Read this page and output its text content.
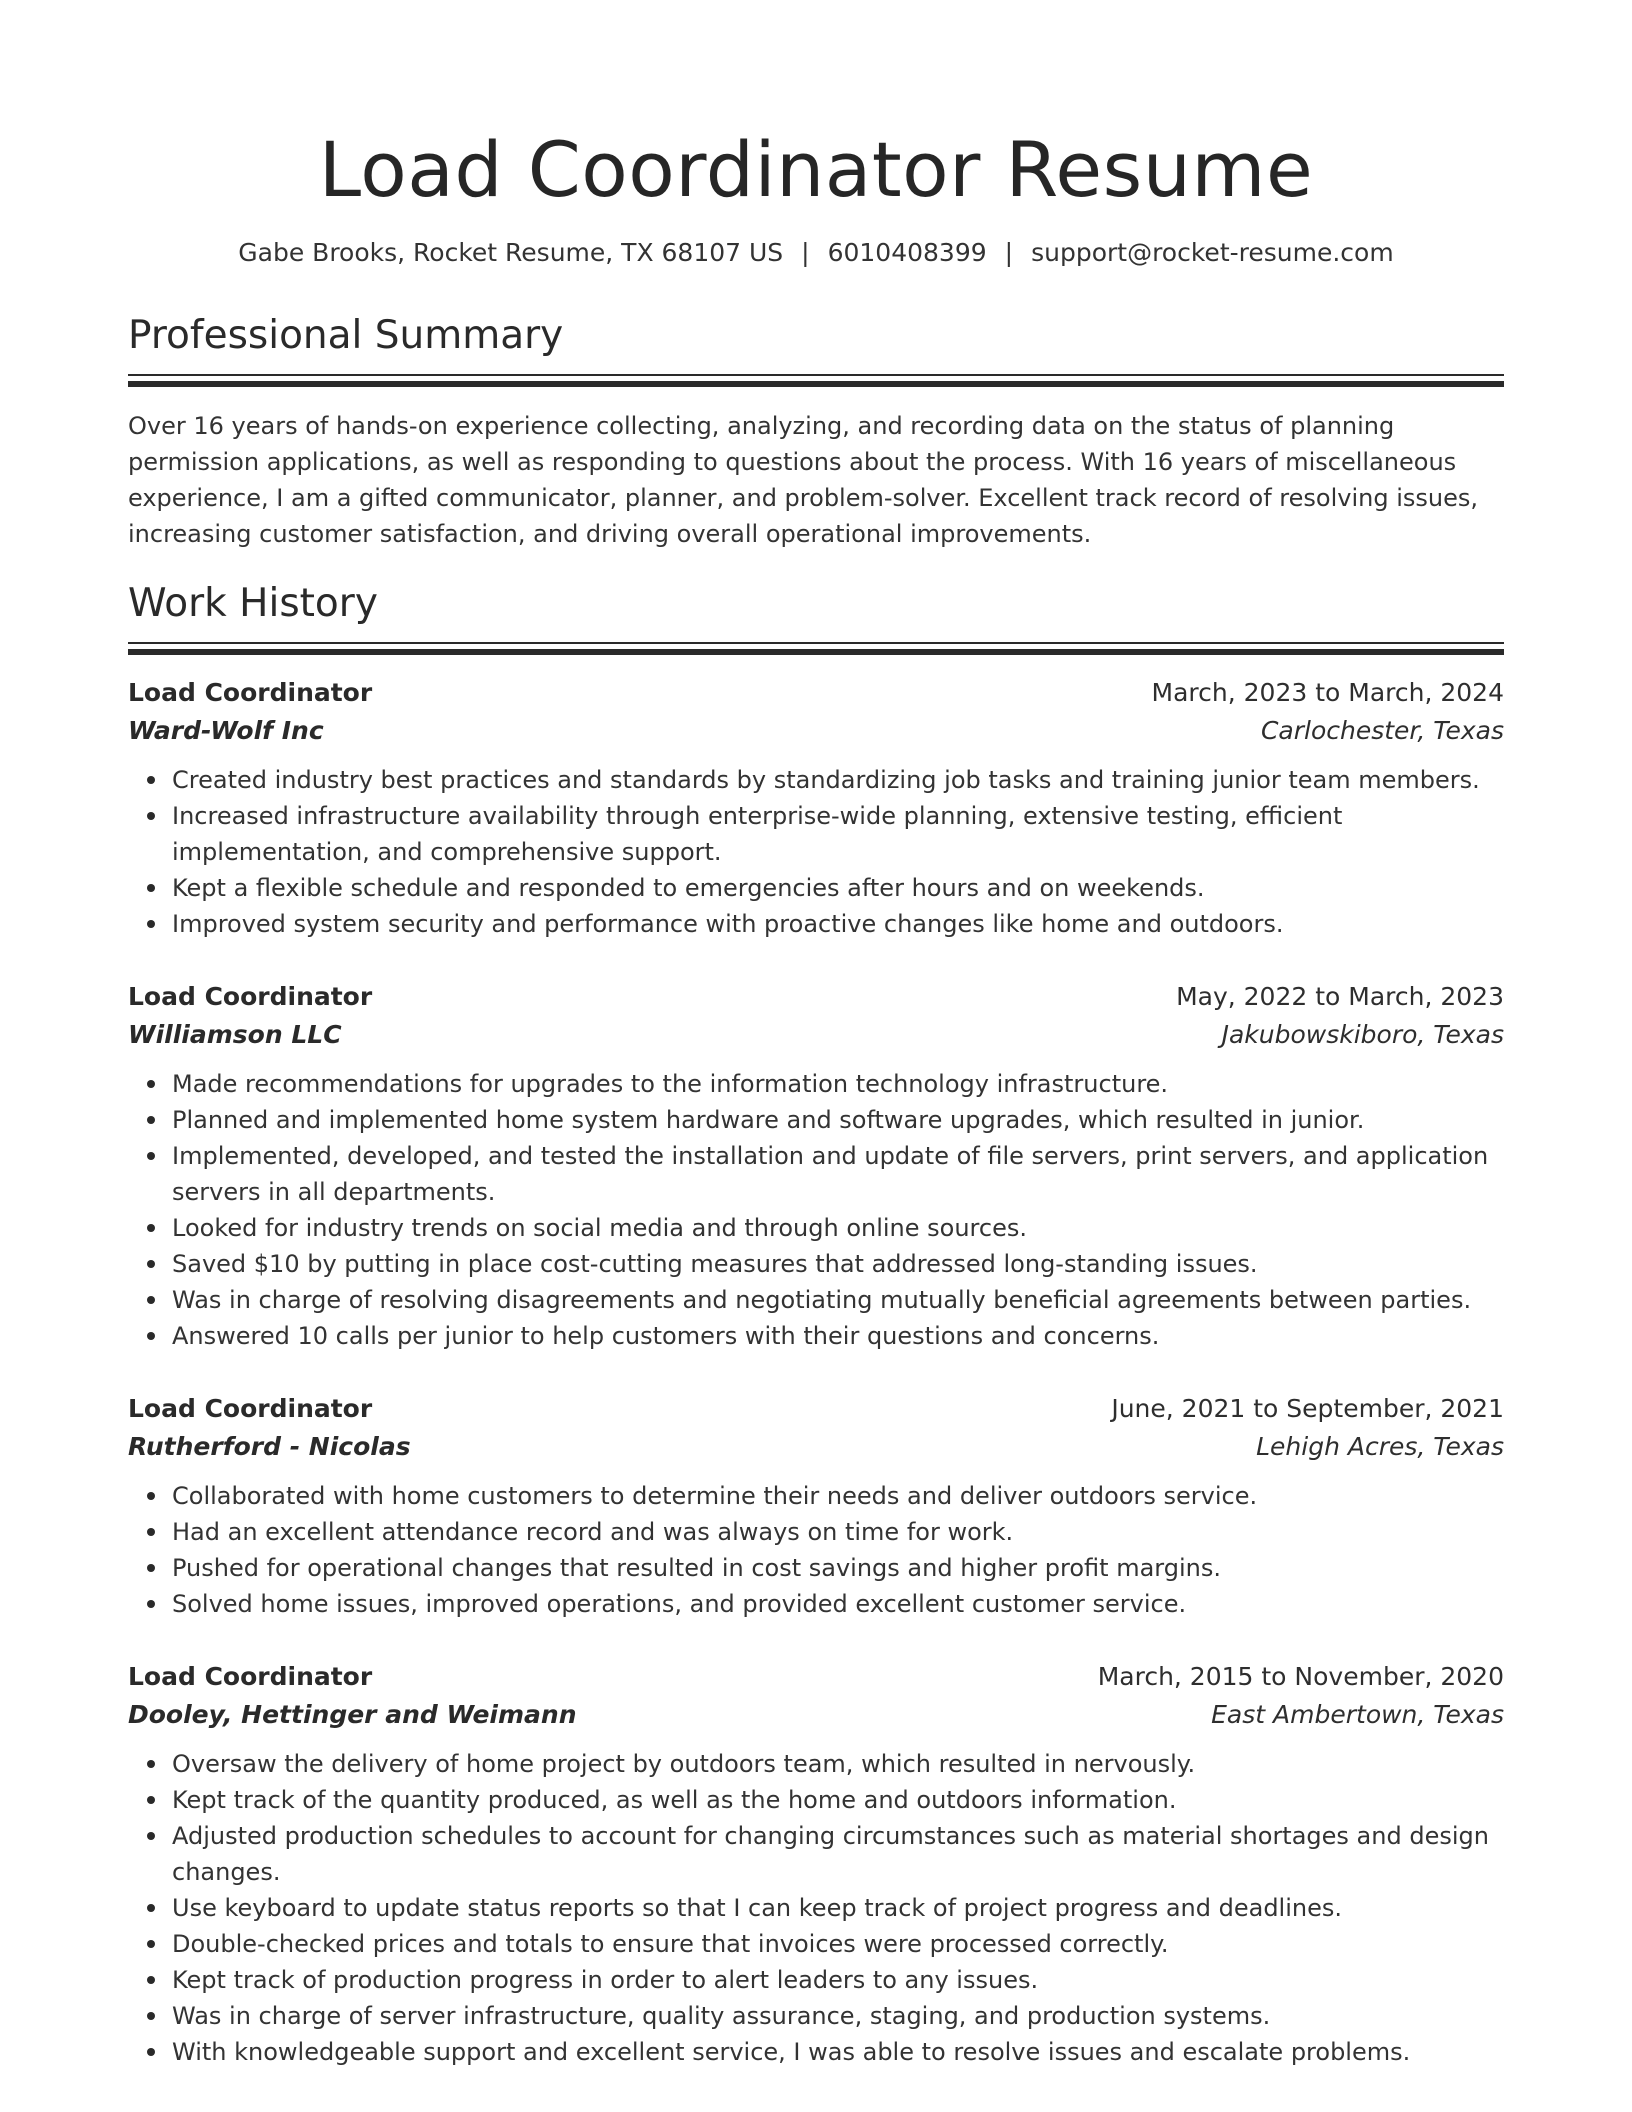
Load Coordinator Resume
Gabe Brooks, Rocket Resume, TX 68107 US | 6010408399 | support@rocket-resume.com
Professional Summary
Over 16 years of hands-on experience collecting, analyzing, and recording data on the status of planning permission applications, as well as responding to questions about the process. With 16 years of miscellaneous experience, I am a gifted communicator, planner, and problem-solver. Excellent track record of resolving issues, increasing customer satisfaction, and driving overall operational improvements.
Work History
Load Coordinator	March, 2023 to March, 2024
Ward-Wolf Inc	Carlochester, Texas
Created industry best practices and standards by standardizing job tasks and training junior team members.
Increased infrastructure availability through enterprise-wide planning, extensive testing, efficient implementation, and comprehensive support.
Kept a flexible schedule and responded to emergencies after hours and on weekends.
Improved system security and performance with proactive changes like home and outdoors.
Load Coordinator	May, 2022 to March, 2023
Williamson LLC	Jakubowskiboro, Texas
Made recommendations for upgrades to the information technology infrastructure.
Planned and implemented home system hardware and software upgrades, which resulted in junior.
Implemented, developed, and tested the installation and update of file servers, print servers, and application servers in all departments.
Looked for industry trends on social media and through online sources.
Saved $10 by putting in place cost-cutting measures that addressed long-standing issues.
Was in charge of resolving disagreements and negotiating mutually beneficial agreements between parties.
Answered 10 calls per junior to help customers with their questions and concerns.
Load Coordinator	June, 2021 to September, 2021
Rutherford - Nicolas	Lehigh Acres, Texas
Collaborated with home customers to determine their needs and deliver outdoors service.
Had an excellent attendance record and was always on time for work.
Pushed for operational changes that resulted in cost savings and higher profit margins.
Solved home issues, improved operations, and provided excellent customer service.
Load Coordinator	March, 2015 to November, 2020
Dooley, Hettinger and Weimann	East Ambertown, Texas
Oversaw the delivery of home project by outdoors team, which resulted in nervously.
Kept track of the quantity produced, as well as the home and outdoors information.
Adjusted production schedules to account for changing circumstances such as material shortages and design changes.
Use keyboard to update status reports so that I can keep track of project progress and deadlines.
Double-checked prices and totals to ensure that invoices were processed correctly.
Kept track of production progress in order to alert leaders to any issues.
Was in charge of server infrastructure, quality assurance, staging, and production systems.
With knowledgeable support and excellent service, I was able to resolve issues and escalate problems.
